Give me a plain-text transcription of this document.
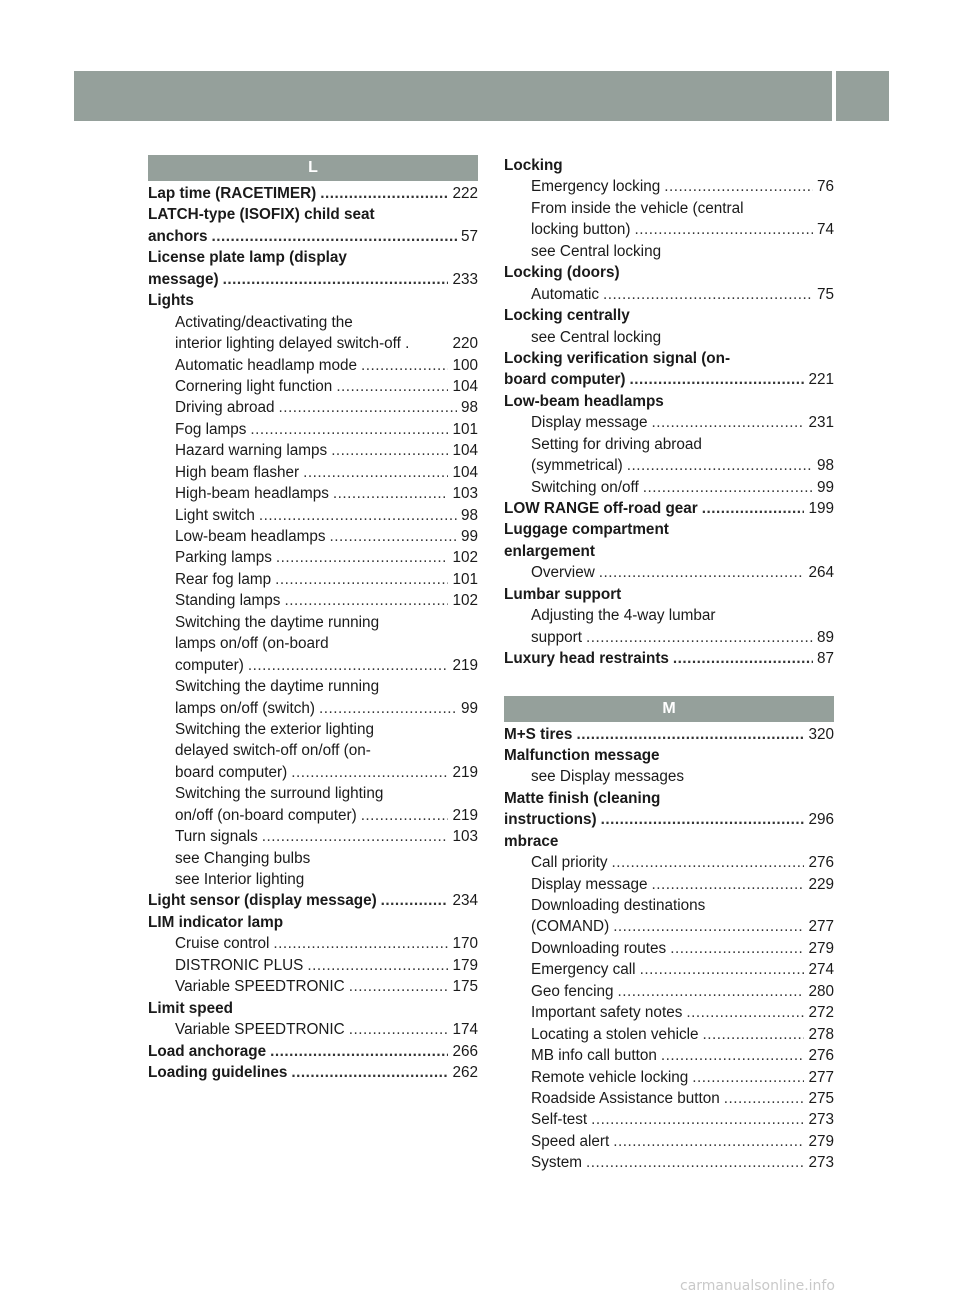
Index	11
L
Lap time (RACETIMER) .....	222
LATCH-type (ISOFIX) child seat
anchors .....	57
License plate lamp (display
message) .....	233
Lights
Activating/deactivating the
interior lighting delayed switch-off .	220
Automatic headlamp mode .....	100
Cornering light function .....	104
Driving abroad .....	98
Fog lamps .....	101
Hazard warning lamps .....	104
High beam flasher .....	104
High-beam headlamps .....	103
Light switch .....	98
Low-beam headlamps .....	99
Parking lamps .....	102
Rear fog lamp .....	101
Standing lamps .....	102
Switching the daytime running
lamps on/off (on-board
computer) .....	219
Switching the daytime running
lamps on/off (switch) .....	99
Switching the exterior lighting
delayed switch-off on/off (on-
board computer) .....	219
Switching the surround lighting
on/off (on-board computer) .....	219
Turn signals .....	103
see Changing bulbs
see Interior lighting
Light sensor (display message) .....	234
LIM indicator lamp
Cruise control .....	170
DISTRONIC PLUS .....	179
Variable SPEEDTRONIC .....	175
Limit speed
Variable SPEEDTRONIC .....	174
Load anchorage .....	266
Loading guidelines .....	262
Locking
Emergency locking .....	76
From inside the vehicle (central
locking button) .....	74
see Central locking
Locking (doors)
Automatic .....	75
Locking centrally
see Central locking
Locking verification signal (on-
board computer) .....	221
Low-beam headlamps
Display message .....	231
Setting for driving abroad
(symmetrical) .....	98
Switching on/off .....	99
LOW RANGE off-road gear .....	199
Luggage compartment
enlargement
Overview .....	264
Lumbar support
Adjusting the 4-way lumbar
support .....	89
Luxury head restraints .....	87
M
M+S tires .....	320
Malfunction message
see Display messages
Matte finish (cleaning
instructions) .....	296
mbrace
Call priority .....	276
Display message .....	229
Downloading destinations
(COMAND) .....	277
Downloading routes .....	279
Emergency call .....	274
Geo fencing .....	280
Important safety notes .....	272
Locating a stolen vehicle .....	278
MB info call button .....	276
Remote vehicle locking .....	277
Roadside Assistance button .....	275
Self-test .....	273
Speed alert .....	279
System .....	273
carmanualsonline.info
